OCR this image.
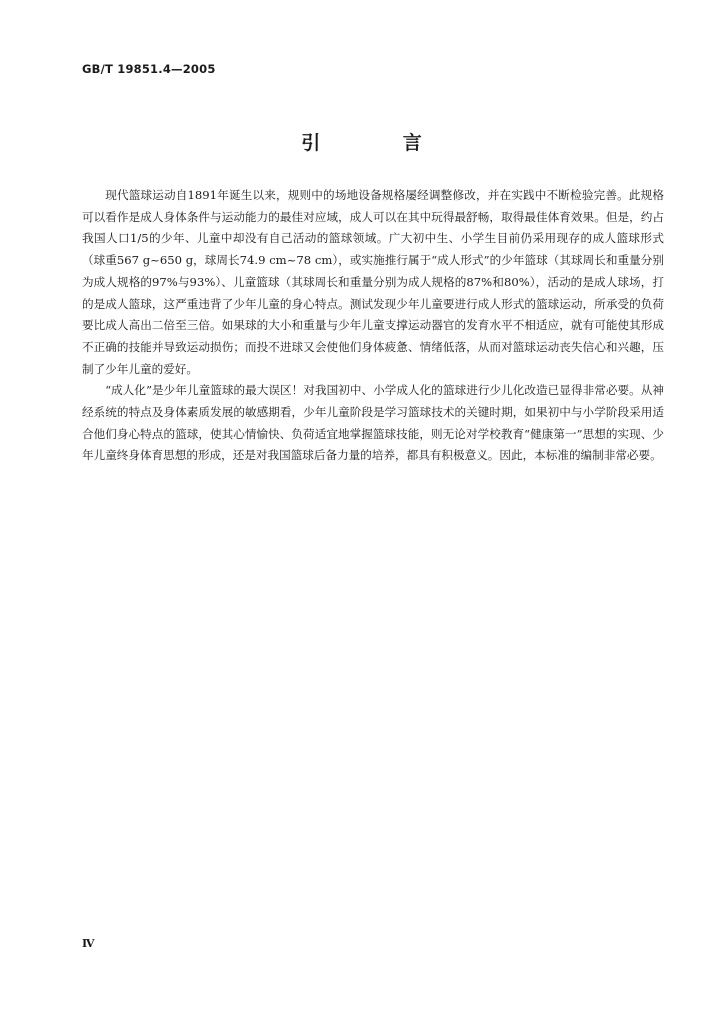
GB/T 19851.4—2005
引 言

现代篮球运动自1891年诞生以来，规则中的场地设备规格屡经调整修改，并在实践中不断检验完善。此规格可以看作是成人身体条件与运动能力的最佳对应域，成人可以在其中玩得最舒畅，取得最佳体育效果。但是，约占我国人口1/5的少年、儿童中却没有自己活动的篮球领域。广大初中生、小学生目前仍采用现存的成人篮球形式（球重567 g~650 g，球周长74.9 cm~78 cm），或实施推行属于“成人形式”的少年篮球（其球周长和重量分别为成人规格的97%与93%）、儿童篮球（其球周长和重量分别为成人规格的87%和80%），活动的是成人球场，打的是成人篮球，这严重违背了少年儿童的身心特点。测试发现少年儿童要进行成人形式的篮球运动，所承受的负荷要比成人高出二倍至三倍。如果球的大小和重量与少年儿童支撑运动器官的发育水平不相适应，就有可能使其形成不正确的技能并导致运动损伤；而投不进球又会使他们身体疲惫、情绪低落，从而对篮球运动丧失信心和兴趣，压制了少年儿童的爱好。

“成人化”是少年儿童篮球的最大误区！对我国初中、小学成人化的篮球进行少儿化改造已显得非常必要。从神经系统的特点及身体素质发展的敏感期看，少年儿童阶段是学习篮球技术的关键时期，如果初中与小学阶段采用适合他们身心特点的篮球，使其心情愉快、负荷适宜地掌握篮球技能，则无论对学校教育“健康第一”思想的实现、少年儿童终身体育思想的形成，还是对我国篮球后备力量的培养，都具有积极意义。因此，本标准的编制非常必要。

Ⅳ
